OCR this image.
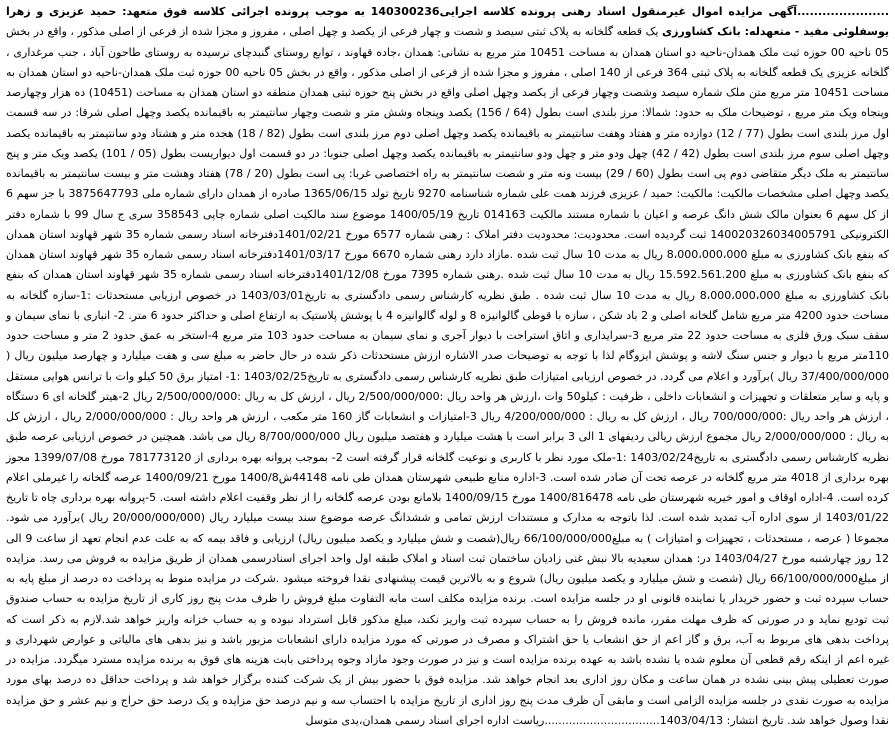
......................آگهی مزایده اموال غیرمنقول اسناد رهنی پرونده کلاسه اجرایی140300236 به موجب پرونده اجرائی کلاسه فوق متعهد: حمید عزیزی و زهرا یوسفلوئی مفید - متعهدله: بانک کشاورزی یک قطعه گلخانه به پلاک ثبتی سیصد و شصت و چهار فرعی از یکصد و چهل اصلی ، مفروز و مجزا شده از فرعی از اصلی مذکور ، واقع در بخش 05 ناحیه 00 حوزه ثبت ملک همدان-ناحیه دو استان همدان به مساحت 10451 متر مربع به نشانی: همدان ،جاده قهاوند ، توابع روستای گنبدچای نرسیده به روستای طاحون آباد ، جنب مرغداری ، گلخانه عزیزی یک قطعه گلخانه به پلاک ثبتی 364 فرعی از 140 اصلی ، مفروز و مجزا شده از فرعی از اصلی مذکور ، واقع در بخش 05 ناحیه 00 حوزه ثبت ملک همدان-ناحیه دو استان همدان به مساحت 10451 متر مربع متن ملک شماره سیصد وشصت وچهار فرعی از یکصد وچهل اصلی واقع در بخش پنج حوزه ثبتی همدان منطقه دو استان همدان به مساحت (10451) ده هزار وچهارصد وپنجاه ویک متر مربع ، توضیحات ملک به حدود: شمالا: مرز بلندی است بطول (64 / 156) یکصد وپنجاه وشش متر و شصت وچهار سانتیمتر به باقیمانده یکصد وچهل اصلی شرقا: در سه قسمت اول مرز بلندی است بطول (77 / 12) دوازده متر و هفتاد وهفت سانتیمتر به باقیمانده یکصد وچهل اصلی دوم مرز بلندی است بطول (82 / 18) هجده متر و هشتاد ودو سانتیمتر به باقیمانده یکصد وچهل اصلی سوم مرز بلندی است بطول (42 / 42) چهل ودو متر و چهل ودو سانتیمتر به باقیمانده یکصد وچهل اصلی جنوبا: در دو قسمت اول دیواریست بطول (05 / 101) یکصد ویک متر و پنج سانتیمتر به ملک دیگر متقاضی دوم پی است بطول (60 / 29) بیست ونه متر و شصت سانتیمتر به راه اختصاصی غربا: پی است بطول (20 / 78) هفتاد وهشت متر و بیست سانتیمتر به باقیمانده یکصد وچهل اصلی مشخصات مالکیت: مالکیت: حمید / عزیزی فرزند همت علی شماره شناسنامه 9270 تاریخ تولد 1365/06/15 صادره از همدان دارای شماره ملی 3875647793 با جز سهم 6 از کل سهم 6 بعنوان مالک شش دانگ عرصه و اعیان با شماره مستند مالکیت 014163 تاریخ 1400/05/19 موضوع سند مالکیت اصلی شماره چاپی 358543 سری ج سال 99 با شماره دفتر الکترونیکی 140020326034005791 ثبت گردیده است. محدودیت: محدودیت دفتر املاک : رهنی شماره 6577 مورخ 1401/02/21دفترخانه اسناد رسمی شماره 35 شهر قهاوند استان همدان که بنفع بانک کشاورزی به مبلغ 8،000،000،000 ریال به مدت 10 سال ثبت شده .مازاد دارد رهنی شماره 6670 مورخ 1401/03/17دفترخانه اسناد رسمی شماره 35 شهر قهاوند استان همدان که بنفع بانک کشاورزی به مبلغ 15.592.561.200 ریال به مدت 10 سال ثبت شده .رهنی شماره 7395 مورخ 1401/12/08دفترخانه اسناد رسمی شماره 35 شهر قهاوند استان همدان که بنفع بانک کشاورزی به مبلغ 8،000،000،000 ریال به مدت 10 سال ثبت شده . طبق نظریه کارشناس رسمی دادگستری به تاریخ1403/03/01 در خصوص ارزیابی مستحدثات :1-سازه گلخانه به مساحت حدود 4200 متر مربع شامل گلخانه اصلی و 2 باد شکن ، سازه با قوطی گالوانیزه 8 و لوله گالوانیزه 4 با پوشش پلاستیک به ارتفاع اصلی و حداکثر حدود 6 متر. 2- انباری با نمای سیمان و سقف سبک ورق فلزی به مساحت حدود 22 متر مربع 3-سرایداری و اتاق استراحت با دیوار آجری و نمای سیمان به مساحت حدود 103 متر مربع 4-استخر به عمق حدود 2 متر و مساحت حدود 110متر مربع با دیوار و جنس سنگ لاشه و پوشش ایزوگام لذا با توجه به توضیحات صدر الاشاره ارزش مستحدثات ذکر شده در حال حاضر به مبلغ سی و هفت میلیارد و چهارصد میلیون ریال ( 37/400/000/000 ریال )برآورد و اعلام می گردد. در خصوص ارزیابی امتیازات طبق نظریه کارشناس رسمی دادگستری به تاریخ1403/02/25 :1- امتیاز برق 50 کیلو وات با ترانس هوایی مستقل و پایه و سایر متعلقات و تجهیزات و انشعابات داخلی ، ظرفیت : کیلو50 وات ،ارزش هر واحد ریال :2/500/000/000 ریال ، ارزش کل به ریال :2/500/000/000 ریال 2-هیتر گلخانه ای 6 دستگاه ، ارزش هر واحد ریال :700/000/000 ریال ، ارزش کل به ریال : 4/200/000/000 ریال 3-امتیازات و انشعابات گاز 160 متر مکعب ، ارزش هر واحد ریال : 2/000/000/000 ریال ، ارزش کل به ریال : 2/000/000/000 ریال مجموع ارزش ریالی ردیفهای 1 الی 3 برابر است با هشت میلیارد و هفتصد میلیون ریال 8/700/000/000 ریال می باشد. همچنین در خصوص ارزیابی عرصه طبق نظریه کارشناس رسمی دادگستری به تاریخ1403/02/24 :1-ملک مورد نظر با کاربری و نوعیت گلخانه قرار گرفته است 2- بموجب پروانه بهره برداری از 781773120 مورخ 1399/07/08 مجوز بهره برداری از 4018 متر مربع گلخانه در عرصه تحت آن صادر شده است. 3-اداره منابع طبیعی شهرستان همدان طی نامه 44148ش1400/8 مورخ 1400/09/21 عرصه گلخانه را غیرملی اعلام کرده است. 4-اداره اوقاف و امور خیریه شهرستان طی نامه 1400/816478 مورخ 1400/09/15 بلامانع بودن عرصه گلخانه را از نظر وقفیت اعلام داشته است. 5-پروانه بهره برداری چاه تا تاریخ 1403/01/22 از سوی اداره آب تمدید شده است. لذا باتوجه به مدارک و مستندات ارزش تمامی و ششدانگ عرصه موضوع سند بیست میلیارد ریال (20/000/000/000 ریال )برآورد می شود. مجموعا ( عرصه ، مستحدثات ، تجهیزات و امتیازات ) به مبلغ66/100/000/000 ریال(شصت و شش میلیارد و یکصد میلیون ریال) ارزیابی و فاقد بیمه که به علت عدم انجام تعهد از ساعت 9 الی 12 روز چهارشنبه مورخ 1403/04/27 در: همدان سعیدیه بالا نبش غنی زادیان ساختمان ثبت اسناد و املاک طبقه اول واحد اجرای اسنادرسمی همدان از طریق مزایده به فروش می رسد. مزایده از مبلغ66/100/000/000 ریال (شصت و شش میلیارد و یکصد میلیون ریال) شروع و به بالاترین قیمت پیشنهادی نقدا فروخته میشود .شرکت در مزایده منوط به پرداخت ده درصد از مبلغ پایه به حساب سپرده ثبت و حضور خریدار یا نماینده قانونی او در جلسه مزایده است. برنده مزایده مکلف است مابه التفاوت مبلغ فروش را ظرف مدت پنج روز کاری از تاریخ مزایده به حساب صندوق ثبت تودیع نماید و در صورتی که ظرف مهلت مقرر، مانده فروش را به حساب سپرده ثبت واریز نکند، مبلغ مذکور قابل استرداد نبوده و به حساب خزانه واریز خواهد شد.لازم به ذکر است که پرداخت بدهی های مربوط به آب، برق و گاز اعم از حق انشعاب یا حق اشتراک و مصرف در صورتی که مورد مزایده دارای انشعابات مزبور باشد و نیز بدهی های مالیاتی و عوارض شهرداری و غیره اعم از اینکه رقم قطعی آن معلوم شده یا نشده باشد به عهده برنده مزایده است و نیز در صورت وجود مازاد وجوه پرداختی بابت هزینه های فوق به برنده مزایده مسترد میگردد. مزایده در صورت تعطیلی پیش بینی نشده در همان ساعت و مکان روز اداری بعد انجام خواهد شد. مزایده فوق با حضور بیش از یک شرکت کننده برگزار خواهد شد و پرداخت حداقل ده درصد بهای مورد مزایده به صورت نقدی در جلسه مزایده الزامی است و مابقی آن ظرف مدت پنج روز اداری از تاریخ مزایده با احتساب سه و نیم درصد حق مزایده و یک درصد حق حراج و نیم عشر و حق مزایده نقدا وصول خواهد شد. تاریخ انتشار: 1403/04/13.................................ریاست اداره اجرای اسناد رسمی همدان،یدی متوسل
